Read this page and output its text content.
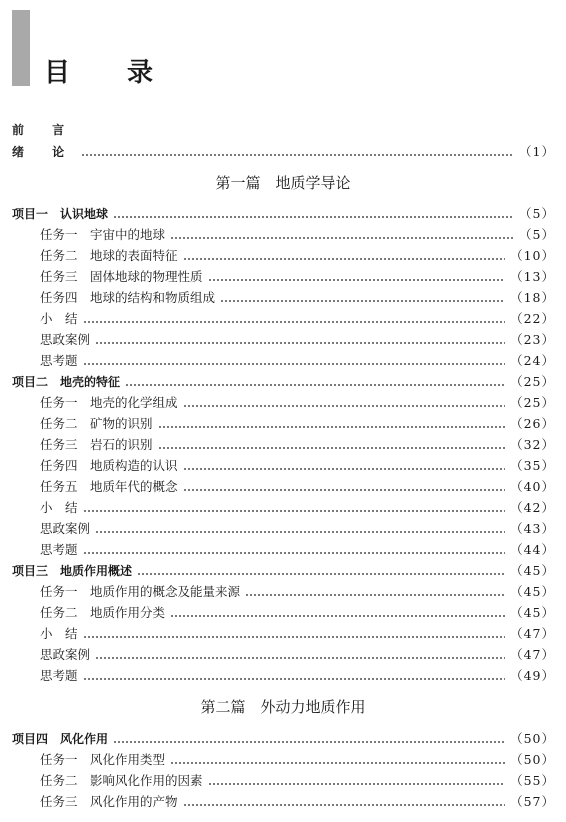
目 录
前 言
绪 论	（1）
第一篇　地质学导论
项目一　认识地球	（5）
任务一　宇宙中的地球	（5）
任务二　地球的表面特征	（10）
任务三　固体地球的物理性质	（13）
任务四　地球的结构和物质组成	（18）
小　结	（22）
思政案例	（23）
思考题	（24）
项目二　地壳的特征	（25）
任务一　地壳的化学组成	（25）
任务二　矿物的识别	（26）
任务三　岩石的识别	（32）
任务四　地质构造的认识	（35）
任务五　地质年代的概念	（40）
小　结	（42）
思政案例	（43）
思考题	（44）
项目三　地质作用概述	（45）
任务一　地质作用的概念及能量来源	（45）
任务二　地质作用分类	（45）
小　结	（47）
思政案例	（47）
思考题	（49）
第二篇　外动力地质作用
项目四　风化作用	（50）
任务一　风化作用类型	（50）
任务二　影响风化作用的因素	（55）
任务三　风化作用的产物	（57）
